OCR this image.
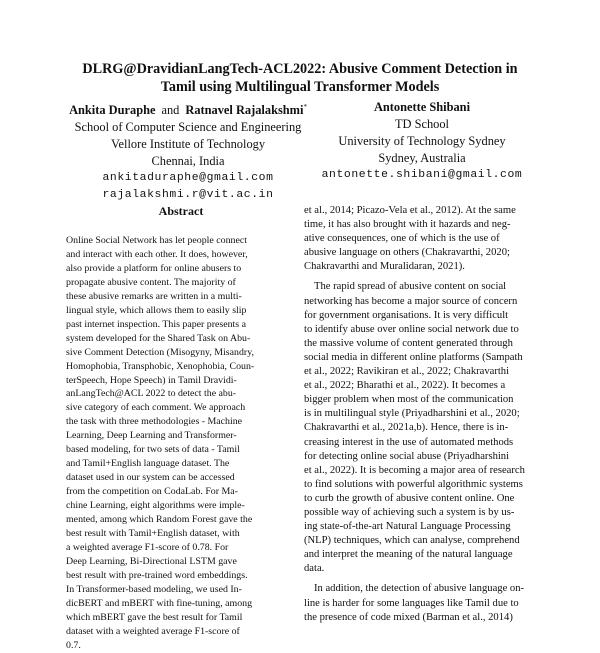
DLRG@DravidianLangTech-ACL2022: Abusive Comment Detection in
Tamil using Multilingual Transformer Models
Ankita Duraphe and Ratnavel Rajalakshmi*
School of Computer Science and Engineering
Vellore Institute of Technology
Chennai, India
ankitaduraphe@gmail.com
rajalakshmi.r@vit.ac.in
Antonette Shibani
TD School
University of Technology Sydney
Sydney, Australia
antonette.shibani@gmail.com
Abstract
Online Social Network has let people connect
and interact with each other. It does, however,
also provide a platform for online abusers to
propagate abusive content. The majority of
these abusive remarks are written in a multi-
lingual style, which allows them to easily slip
past internet inspection. This paper presents a
system developed for the Shared Task on Abu-
sive Comment Detection (Misogyny, Misandry,
Homophobia, Transphobic, Xenophobia, Coun-
terSpeech, Hope Speech) in Tamil Dravidi-
anLangTech@ACL 2022 to detect the abu-
sive category of each comment. We approach
the task with three methodologies - Machine
Learning, Deep Learning and Transformer-
based modeling, for two sets of data - Tamil
and Tamil+English language dataset. The
dataset used in our system can be accessed
from the competition on CodaLab. For Ma-
chine Learning, eight algorithms were imple-
mented, among which Random Forest gave the
best result with Tamil+English dataset, with
a weighted average F1-score of 0.78. For
Deep Learning, Bi-Directional LSTM gave
best result with pre-trained word embeddings.
In Transformer-based modeling, we used In-
dicBERT and mBERT with fine-tuning, among
which mBERT gave the best result for Tamil
dataset with a weighted average F1-score of
0.7.
et al., 2014; Picazo-Vela et al., 2012). At the same
time, it has also brought with it hazards and neg-
ative consequences, one of which is the use of
abusive language on others (Chakravarthi, 2020;
Chakravarthi and Muralidaran, 2021).
The rapid spread of abusive content on social
networking has become a major source of concern
for government organisations. It is very difficult
to identify abuse over online social network due to
the massive volume of content generated through
social media in different online platforms (Sampath
et al., 2022; Ravikiran et al., 2022; Chakravarthi
et al., 2022; Bharathi et al., 2022). It becomes a
bigger problem when most of the communication
is in multilingual style (Priyadharshini et al., 2020;
Chakravarthi et al., 2021a,b). Hence, there is in-
creasing interest in the use of automated methods
for detecting online social abuse (Priyadharshini
et al., 2022). It is becoming a major area of research
to find solutions with powerful algorithmic systems
to curb the growth of abusive content online. One
possible way of achieving such a system is by us-
ing state-of-the-art Natural Language Processing
(NLP) techniques, which can analyse, comprehend
and interpret the meaning of the natural language
data.
In addition, the detection of abusive language on-
line is harder for some languages like Tamil due to
the presence of code mixed (Barman et al., 2014)
